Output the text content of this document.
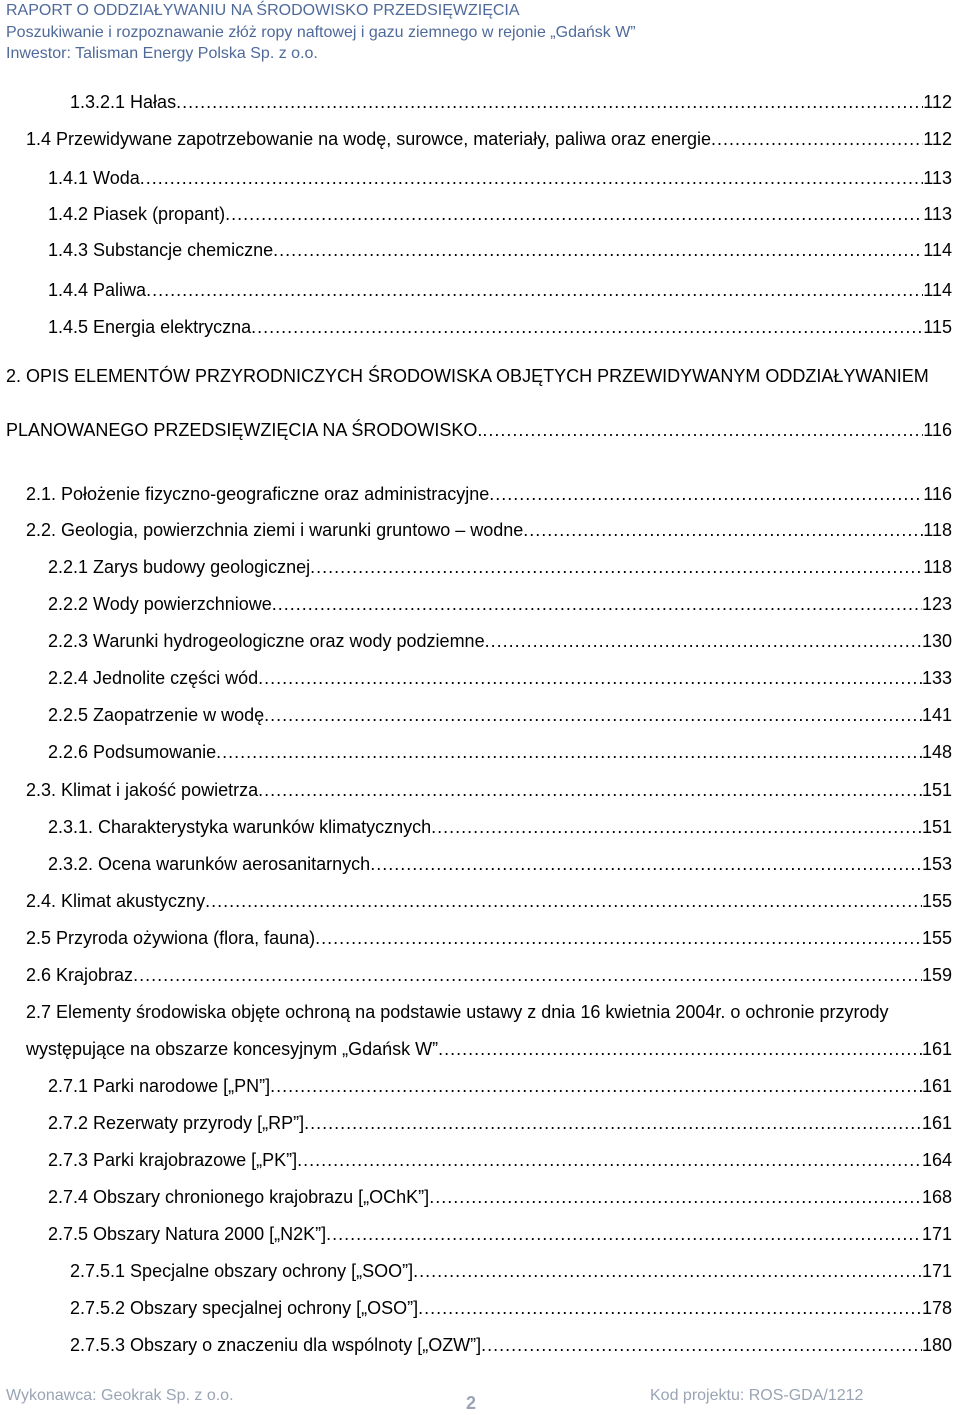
RAPORT O ODDZIAŁYWANIU NA ŚRODOWISKO PRZEDSIĘWZIĘCIA
Poszukiwanie i rozpoznawanie złóż ropy naftowej i gazu ziemnego w rejonie „Gdańsk W”
Inwestor: Talisman Energy Polska Sp. z o.o.
1.3.2.1 Hałas . . .	112
1.4 Przewidywane zapotrzebowanie na wodę, surowce, materiały, paliwa oraz energie . . .	112
1.4.1 Woda . . .	113
1.4.2 Piasek (propant) . . .	113
1.4.3 Substancje chemiczne . . .	114
1.4.4 Paliwa . . .	114
1.4.5 Energia elektryczna . . .	115
2. OPIS ELEMENTÓW PRZYRODNICZYCH ŚRODOWISKA OBJĘTYCH PRZEWIDYWANYM ODDZIAŁYWANIEM
PLANOWANEGO PRZEDSIĘWZIĘCIA NA ŚRODOWISKO. . . .	116
2.1. Położenie fizyczno-geograficzne oraz administracyjne . . .	116
2.2. Geologia, powierzchnia ziemi i warunki gruntowo – wodne . . .	118
2.2.1 Zarys budowy geologicznej . . .	118
2.2.2 Wody powierzchniowe . . .	123
2.2.3 Warunki hydrogeologiczne oraz wody podziemne . . .	130
2.2.4 Jednolite części wód . . .	133
2.2.5 Zaopatrzenie w wodę . . .	141
2.2.6 Podsumowanie . . .	148
2.3. Klimat i jakość powietrza . . .	151
2.3.1. Charakterystyka warunków klimatycznych . . .	151
2.3.2. Ocena warunków aerosanitarnych . . .	153
2.4. Klimat akustyczny . . .	155
2.5 Przyroda ożywiona (flora, fauna) . . .	155
2.6 Krajobraz . . .	159
2.7 Elementy środowiska objęte ochroną na podstawie ustawy z dnia 16 kwietnia 2004r. o ochronie przyrody
występujące na obszarze koncesyjnym „Gdańsk W” . . .	161
2.7.1 Parki narodowe [„PN”] . . .	161
2.7.2 Rezerwaty przyrody [„RP”] . . .	161
2.7.3 Parki krajobrazowe [„PK”] . . .	164
2.7.4 Obszary chronionego krajobrazu [„OChK”] . . .	168
2.7.5 Obszary Natura 2000 [„N2K”] . . .	171
2.7.5.1 Specjalne obszary ochrony [„SOO”] . . .	171
2.7.5.2 Obszary specjalnej ochrony [„OSO”] . . .	178
2.7.5.3 Obszary o znaczeniu dla wspólnoty [„OZW”] . . .	180
Wykonawca: Geokrak Sp. z o.o.	2	Kod projektu: ROS-GDA/1212
